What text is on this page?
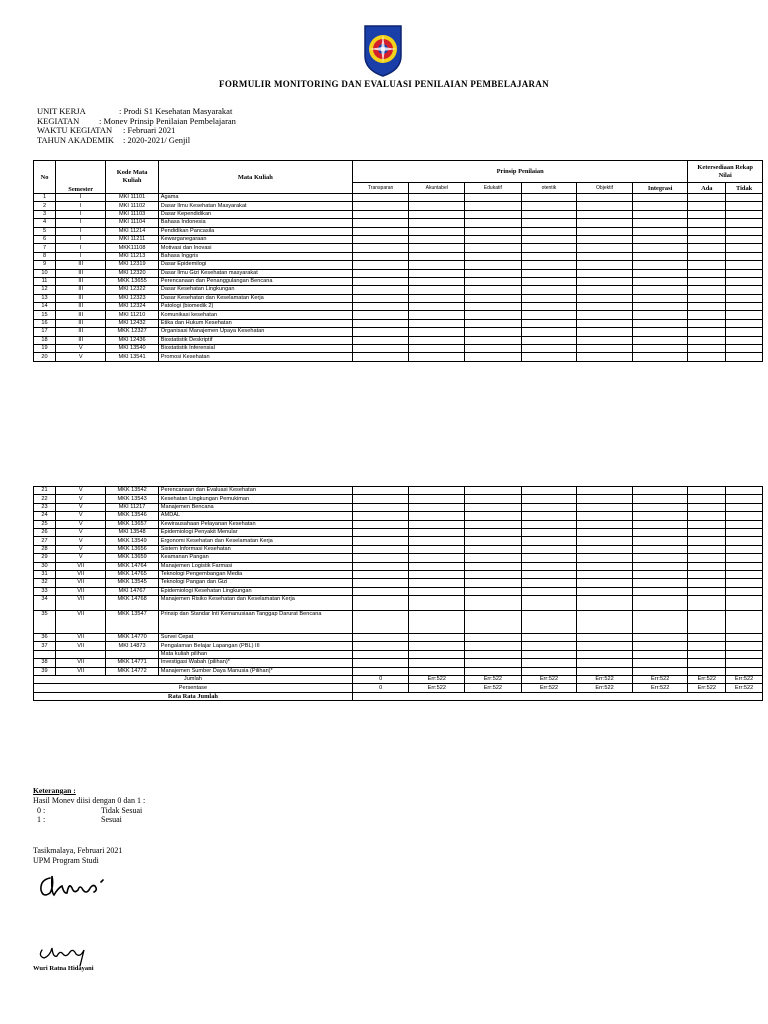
FORMULIR MONITORING DAN EVALUASI PENILAIAN PEMBELAJARAN
UNIT KERJA	: Prodi S1 Kesehatan Masyarakat
KEGIATAN	: Monev Prinsip Penilaian Pembelajaran
WAKTU KEGIATAN	: Februari 2021
TAHUN AKADEMIK	: 2020-2021/ Genjil
No	Semester	Kode Mata Kuliah	Mata Kuliah	Prinsip Penilaian						Ketersediaan Rekap Nilai	
				Transparan	Akuntabel	Edukatif	otentik	Objektif	Integrasi	Ada	Tidak
1	I	MKI 11101	Agama								
2	I	MKI 11102	Dasar Ilmu Kesehatan Masyarakat								
3	I	MKI 11103	Dasar Kependidikan								
4	I	MKI 11104	Bahasa Indonesia								
5	I	MKI 11214	Pendidikan Pancasila								
6	I	MKI 11211	Kewarganegaraan								
7	I	MKK11108	Motivasi dan Inovasi								
8	I	MKI 11213	Bahasa Inggris								
9	III	MKI 12319	Dasar Epidemilogi								
10	III	MKI 12320	Dasar Ilmu Gizi Kesehatan masyarakat								
11	III	MKK 13655	Perencanaan dan Penanggulangan Bencana								
12	III	MKI 12322	Dasar Kesehatan Lingkungan								
13	III	MKI 12323	Dasar Kesehatan dan Keselamatan Kerja								
14	III	MKI 12324	Patologi (biomedik 2)								
15	III	MKI 11210	Komunikasi kesehatan								
16	III	MKI 12432	Etika dan Hukum Kesehatan								
17	III	MKK 12327	Organisasi Manajemen Upaya Kesehatan								
18	III	MKI 12436	Biostatistik Deskriptif								
19	V	MKI 13540	Biostatistik Inferensial								
20	V	MKI 13541	Promosi Kesehatan								
21	V	MKK 13542	Perencanaan dan Evaluasi Kesehatan								
22	V	MKK 13543	Kesehatan Lingkungan Pemukiman								
23	V	MKI 11217	Manajemen Bencana								
24	V	MKK 13546	AMDAL								
25	V	MKK 13657	Kewirausahaan Pelayanan Kesehatan								
26	V	MKI 13548	Epidemiologi Penyakit Menular								
27	V	MKK 13549	Ergonomi Kesehatan dan Keselamatan Kerja								
28	V	MKK 13656	Sistem Informasi Kesehatan								
29	V	MKK 13659	Keamanan Pangan								
30	VII	MKK 14764	Manajemen Logistik Farmasi								
31	VII	MKK 14765	Teknologi Pengembangan Media								
32	VII	MKK 13545	Teknologi Pangan dan Gizi								
33	VII	MKI 14767	Epidemiologi Kesehatan Lingkungan								
34	VII	MKK 14768	Manajemen Risiko Kesehatan dan Keselamatan Kerja								
35	VII	MKK 13547	Prinsip dan Standar Inti Kemanusiaan Tanggap Darurat Bencana								
36	VII	MKK 14770	Survei Cepat								
37	VII	MKI 14873	Pengalaman Belajar Lapangan (PBL) III								
			Mata kuliah pilihan								
38	VII	MKK 14771	Investigasi Wabah (pilihan)*								
39	VII	MKK 14772	Manajemen Sumber Daya Manusia (Pilihan)*								
Jumlah				0	Err:522	Err:522	Err:522	Err:522	Err:522	Err:522	Err:522
Persentase				0	Err:522	Err:522	Err:522	Err:522	Err:522	Err:522	Err:522
Rata Rata Jumlah											
Keterangan :
Hasil Monev diisi dengan 0 dan 1 :
0 :	Tidak Sesuai
1 :	Sesuai
Tasikmalaya, Februari 2021
UPM Program Studi
Wuri Ratna Hidayani
